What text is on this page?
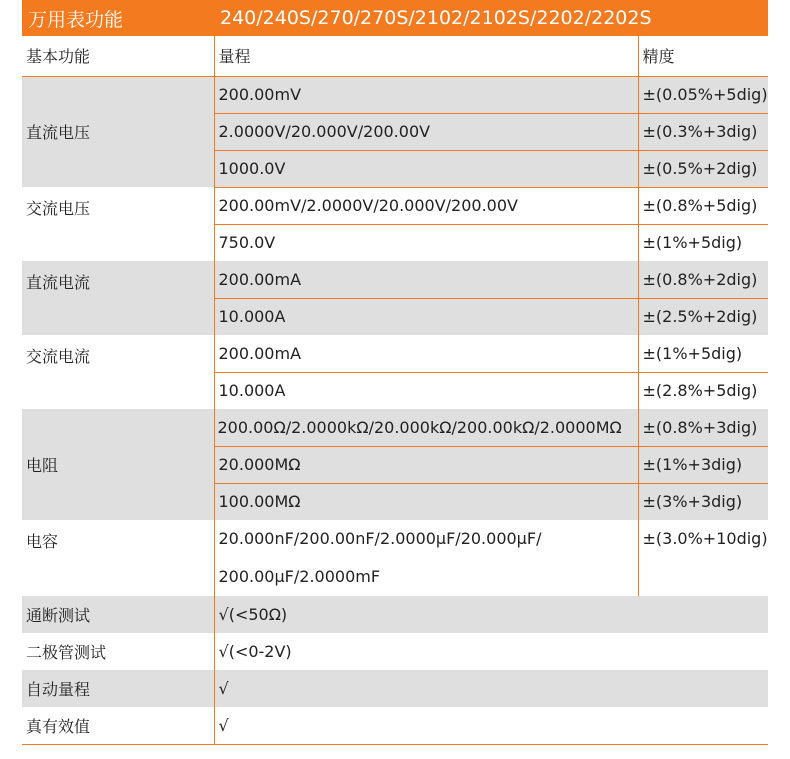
万用表功能	240/240S/270/270S/2102/2102S/2202/2202S
基本功能	量程	精度
直流电压	200.00mV	±(0.05%+5dig)
	2.0000V/20.000V/200.00V	±(0.3%+3dig)
	1000.0V	±(0.5%+2dig)
交流电压	200.00mV/2.0000V/20.000V/200.00V	±(0.8%+5dig)
	750.0V	±(1%+5dig)
直流电流	200.00mA	±(0.8%+2dig)
	10.000A	±(2.5%+2dig)
交流电流	200.00mA	±(1%+5dig)
	10.000A	±(2.8%+5dig)
电阻	200.00Ω/2.0000kΩ/20.000kΩ/200.00kΩ/2.0000MΩ	±(0.8%+3dig)
	20.000MΩ	±(1%+3dig)
	100.00MΩ	±(3%+3dig)
电容	20.000nF/200.00nF/2.0000μF/20.000μF/
200.00μF/2.0000mF	±(3.0%+10dig)
通断测试	√(<50Ω)	
二极管测试	√(<0-2V)	
自动量程	√	
真有效值	√	
